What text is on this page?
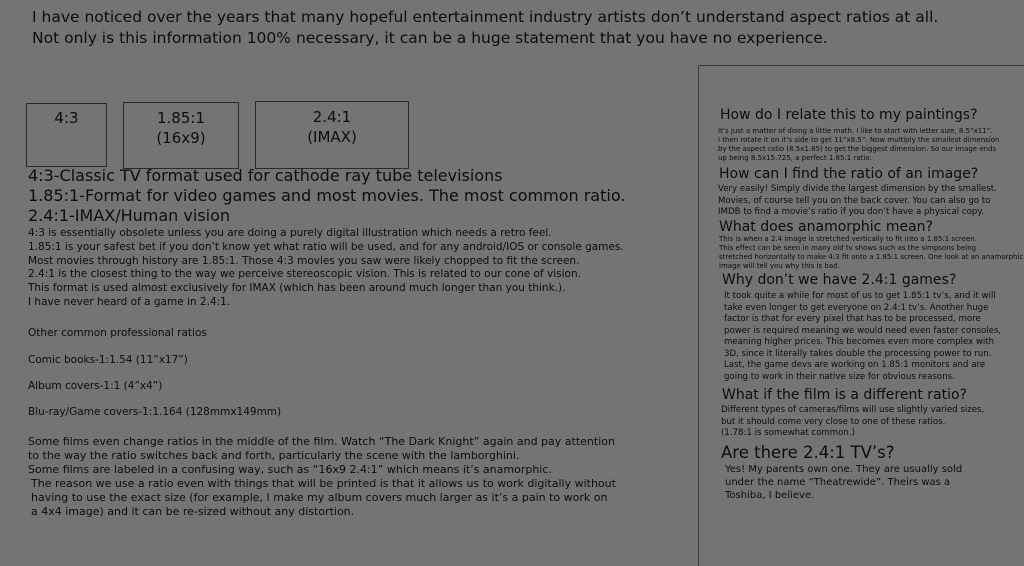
I have noticed over the years that many hopeful entertainment industry artists don’t understand aspect ratios at all.
Not only is this information 100% necessary, it can be a huge statement that you have no experience.
4:3	1.85:1
(16x9)
2.4:1
(IMAX)
4:3-Classic TV format used for cathode ray tube televisions
1.85:1-Format for video games and most movies. The most common ratio.
2.4:1-IMAX/Human vision
4:3 is essentially obsolete unless you are doing a purely digital illustration which needs a retro feel.
1.85:1 is your safest bet if you don’t know yet what ratio will be used, and for any android/IOS or console games.
Most movies through history are 1.85:1. Those 4:3 movies you saw were likely chopped to fit the screen.
2.4:1 is the closest thing to the way we perceive stereoscopic vision. This is related to our cone of vision.
This format is used almost exclusively for IMAX (which has been around much longer than you think.).
I have never heard of a game in 2.4:1.
Other common professional ratios
Comic books-1:1.54 (11”x17”)
Album covers-1:1 (4”x4”)
Blu-ray/Game covers-1:1.164 (128mmx149mm)
Some films even change ratios in the middle of the film. Watch “The Dark Knight” again and pay attention
to the way the ratio switches back and forth, particularly the scene with the lamborghini.
Some films are labeled in a confusing way, such as “16x9 2.4:1” which means it’s anamorphic.
The reason we use a ratio even with things that will be printed is that it allows us to work digitally without
having to use the exact size (for example, I make my album covers much larger as it’s a pain to work on
a 4x4 image) and it can be re-sized without any distortion.
How do I relate this to my paintings?
It’s just a matter of doing a little math. I like to start with letter size, 8.5”x11”.
I then rotate it on it’s side to get 11”x8.5”. Now multiply the smallest dimension
by the aspect ratio (8.5x1.85) to get the biggest dimension. So our image ends
up being 8.5x15.725, a perfect 1.85:1 ratio.
How can I find the ratio of an image?
Very easily! Simply divide the largest dimension by the smallest.
Movies, of course tell you on the back cover. You can also go to
IMDB to find a movie’s ratio if you don’t have a physical copy.
What does anamorphic mean?
This is when a 2.4 image is stretched vertically to fit into a 1.85:1 screen.
This effect can be seen in many old tv shows such as the simpsons being
stretched horizontally to make 4:3 fit onto a 1.85:1 screen. One look at an anamorphic
image will tell you why this is bad.
Why don’t we have 2.4:1 games?
It took quite a while for most of us to get 1.85:1 tv’s, and it will
take even longer to get everyone on 2.4:1 tv’s. Another huge
factor is that for every pixel that has to be processed, more
power is required meaning we would need even faster consoles,
meaning higher prices. This becomes even more complex with
3D, since it literally takes double the processing power to run.
Last, the game devs are working on 1.85:1 monitors and are
going to work in their native size for obvious reasons.
What if the film is a different ratio?
Different types of cameras/films will use slightly varied sizes,
but it should come very close to one of these ratios.
(1.78:1 is somewhat common.)
Are there 2.4:1 TV’s?
Yes! My parents own one. They are usually sold
under the name “Theatrewide”. Theirs was a
Toshiba, I believe.
